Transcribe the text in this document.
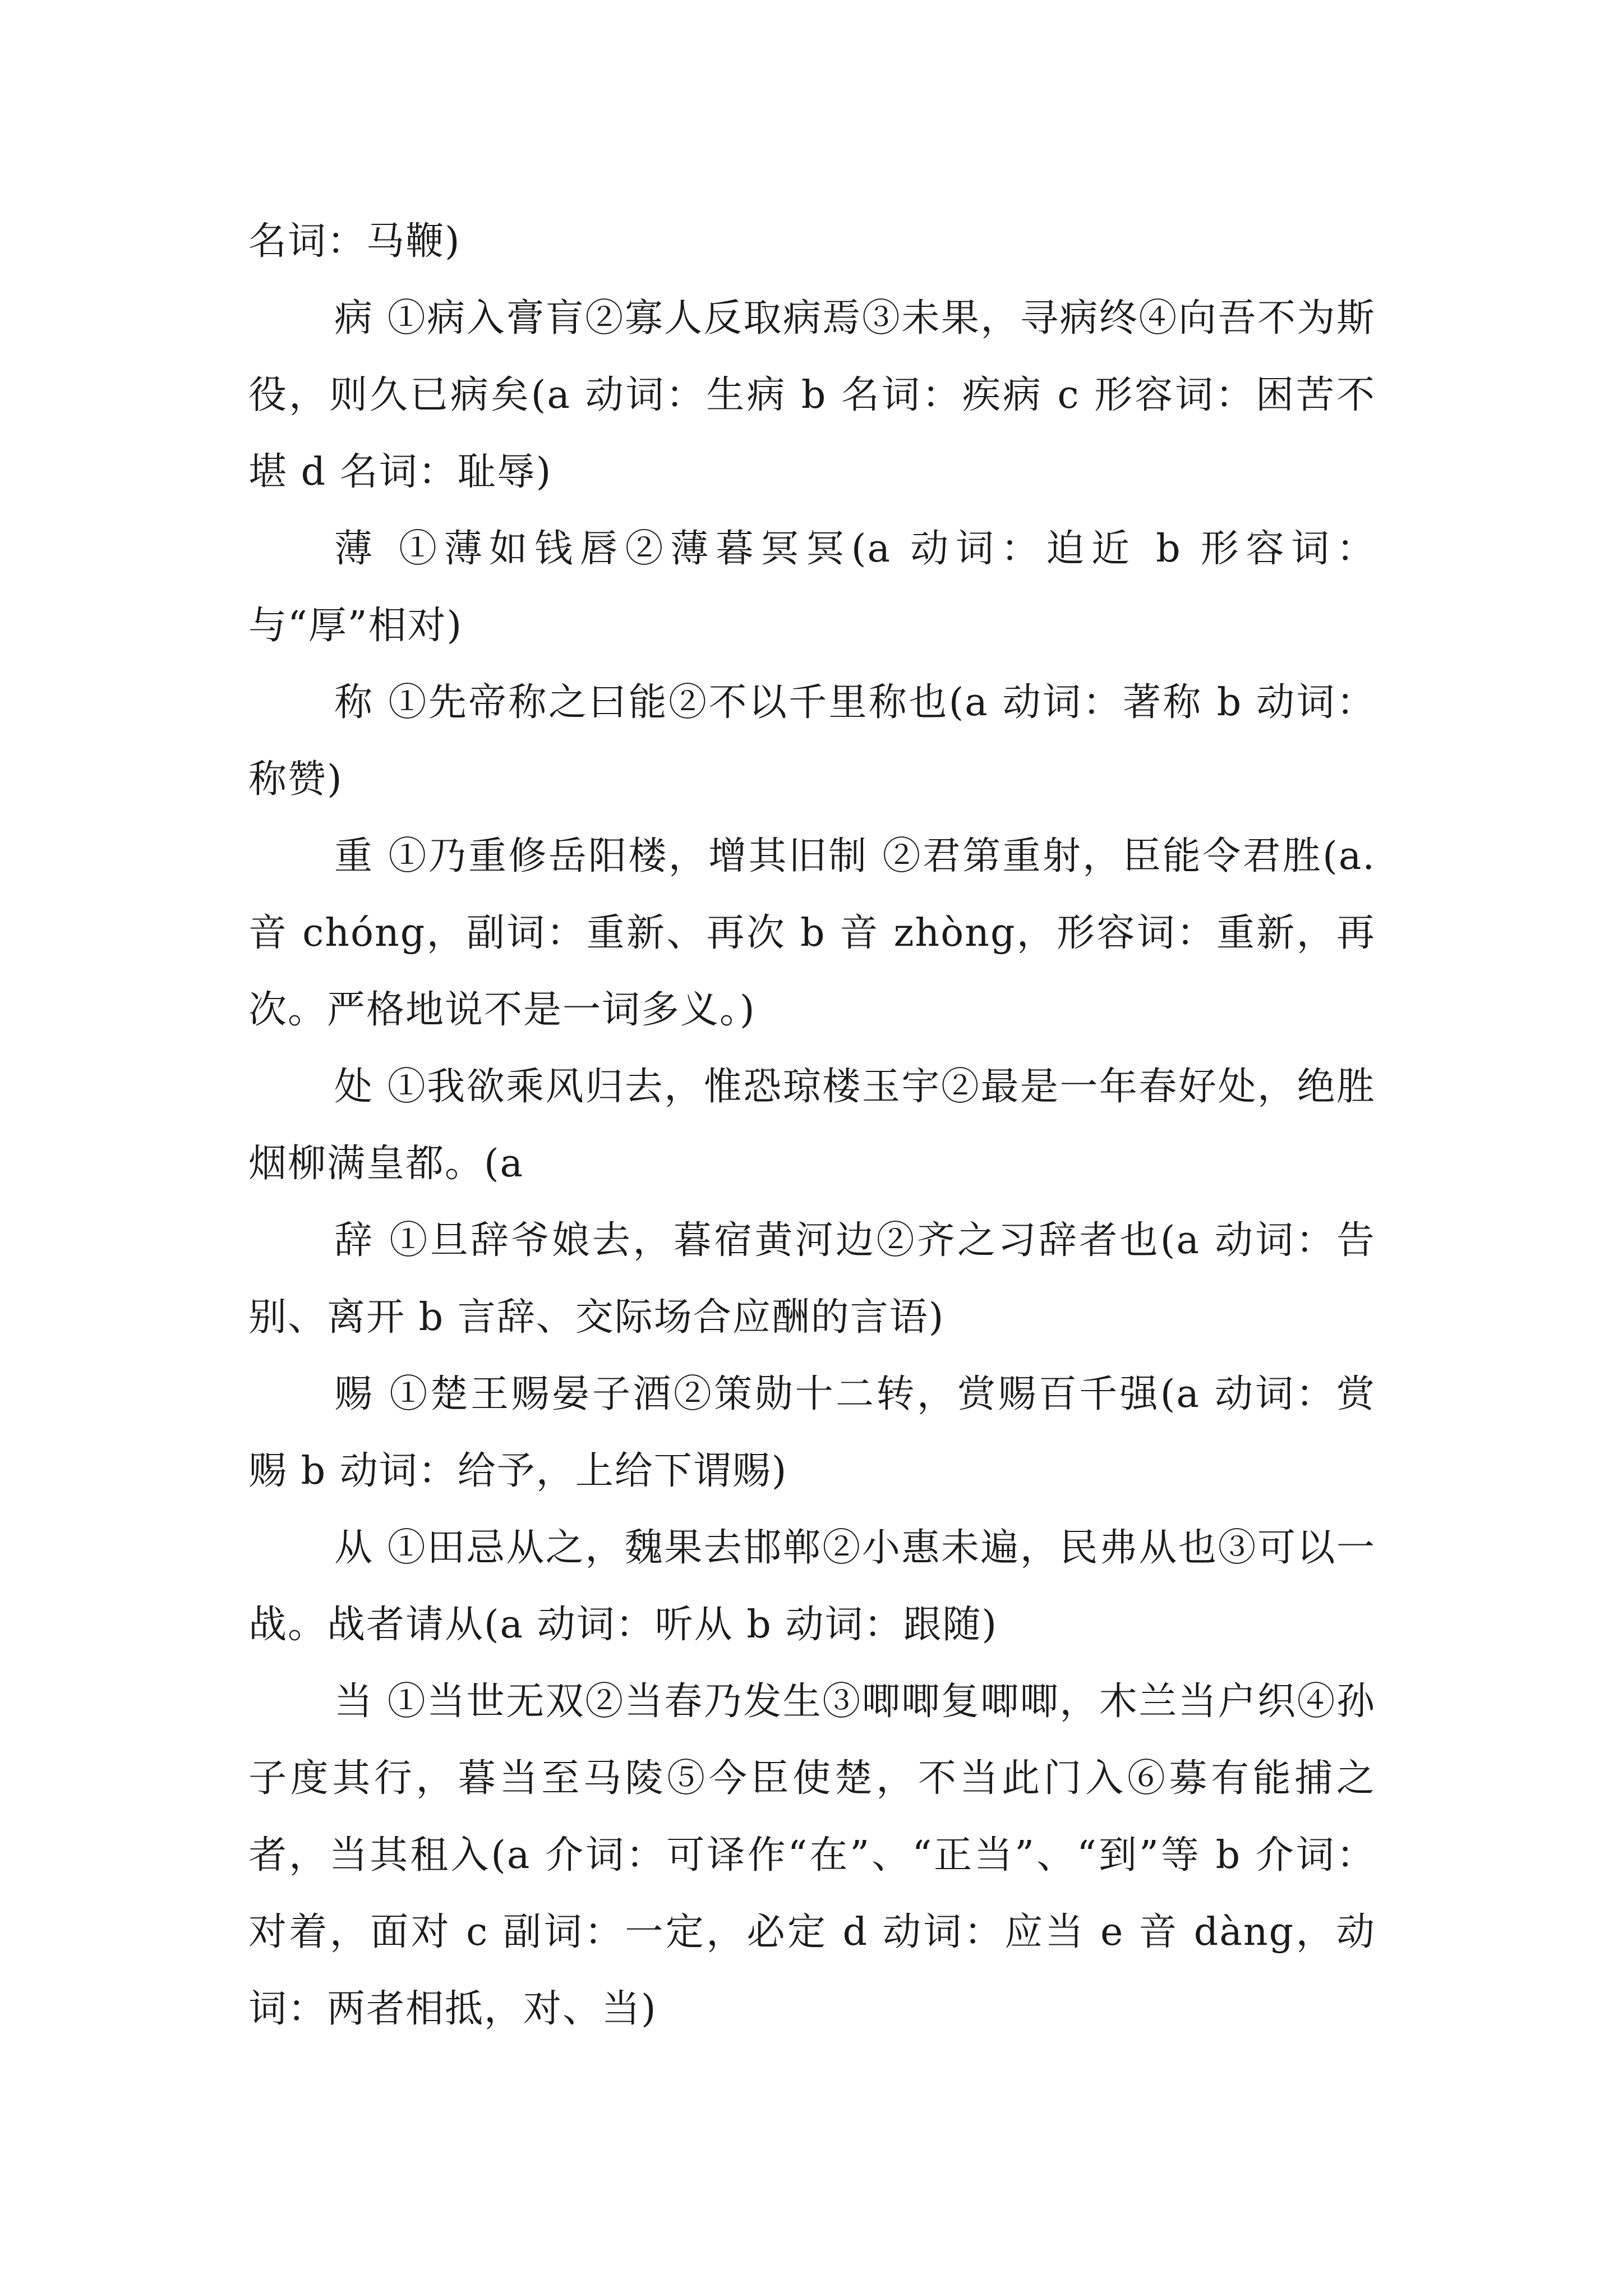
名词：马鞭)

病 ①病入膏肓②寡人反取病焉③未果，寻病终④向吾不为斯役，则久已病矣(a 动词：生病 b 名词：疾病 c 形容词：困苦不堪 d 名词：耻辱)

薄 ①薄如钱唇②薄暮冥冥(a 动词：迫近 b 形容词：与“厚”相对)

称 ①先帝称之曰能②不以千里称也(a 动词：著称 b 动词：称赞)

重 ①乃重修岳阳楼，增其旧制 ②君第重射，臣能令君胜(a.音 chóng，副词：重新、再次 b 音 zhòng，形容词：重新，再次。严格地说不是一词多义。)

处 ①我欲乘风归去，惟恐琼楼玉宇②最是一年春好处，绝胜烟柳满皇都。(a

辞 ①旦辞爷娘去，暮宿黄河边②齐之习辞者也(a 动词：告别、离开 b 言辞、交际场合应酬的言语)

赐 ①楚王赐晏子酒②策勋十二转，赏赐百千强(a 动词：赏赐 b 动词：给予，上给下谓赐)

从 ①田忌从之，魏果去邯郸②小惠未遍，民弗从也③可以一战。战者请从(a 动词：听从 b 动词：跟随)

当 ①当世无双②当春乃发生③唧唧复唧唧，木兰当户织④孙子度其行，暮当至马陵⑤今臣使楚，不当此门入⑥募有能捕之者，当其租入(a 介词：可译作“在”、“正当”、“到”等 b 介词：对着，面对 c 副词：一定，必定 d 动词：应当 e 音 dàng，动词：两者相抵，对、当)
